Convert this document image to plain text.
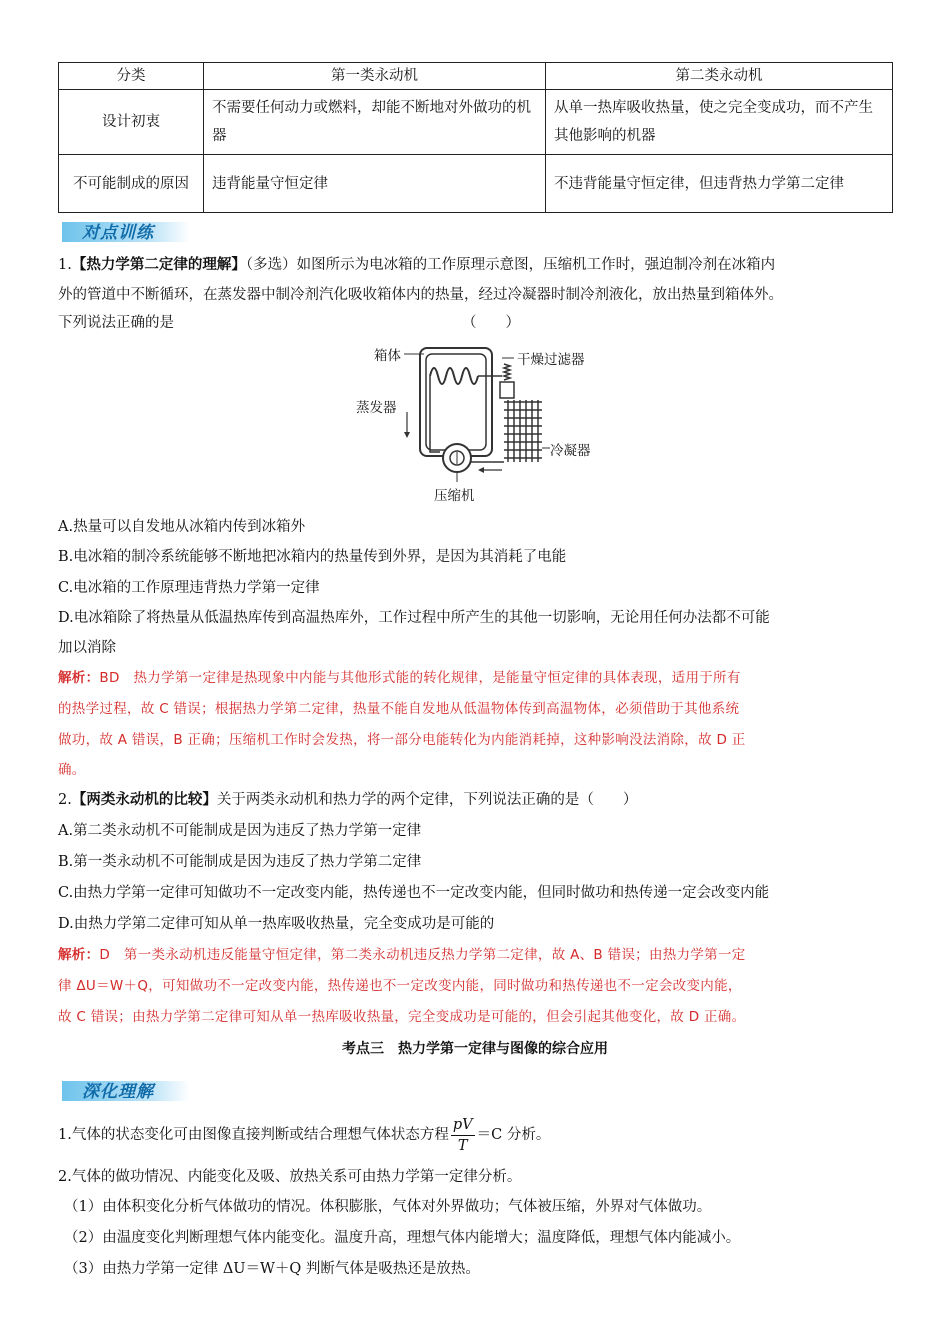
分类	第一类永动机	第二类永动机
设计初衷	不需要任何动力或燃料，却能不断地对外做功的机器	从单一热库吸收热量，使之完全变成功，而不产生其他影响的机器
不可能制成的原因	违背能量守恒定律	不违背能量守恒定律，但违背热力学第二定律
对点训练
1.【热力学第二定律的理解】（多选）如图所示为电冰箱的工作原理示意图，压缩机工作时，强迫制冷剂在冰箱内
外的管道中不断循环，在蒸发器中制冷剂汽化吸收箱体内的热量，经过冷凝器时制冷剂液化，放出热量到箱体外。
下列说法正确的是	（　　）
箱体	干燥过滤器
蒸发器
冷凝器
压缩机
A.热量可以自发地从冰箱内传到冰箱外
B.电冰箱的制冷系统能够不断地把冰箱内的热量传到外界，是因为其消耗了电能
C.电冰箱的工作原理违背热力学第一定律
D.电冰箱除了将热量从低温热库传到高温热库外，工作过程中所产生的其他一切影响，无论用任何办法都不可能
加以消除
解析：BD　热力学第一定律是热现象中内能与其他形式能的转化规律，是能量守恒定律的具体表现，适用于所有
的热学过程，故 C 错误；根据热力学第二定律，热量不能自发地从低温物体传到高温物体，必须借助于其他系统
做功，故 A 错误，B 正确；压缩机工作时会发热，将一部分电能转化为内能消耗掉，这种影响没法消除，故 D 正
确。
2.【两类永动机的比较】关于两类永动机和热力学的两个定律，下列说法正确的是（　　）
A.第二类永动机不可能制成是因为违反了热力学第一定律
B.第一类永动机不可能制成是因为违反了热力学第二定律
C.由热力学第一定律可知做功不一定改变内能，热传递也不一定改变内能，但同时做功和热传递一定会改变内能
D.由热力学第二定律可知从单一热库吸收热量，完全变成功是可能的
解析：D　第一类永动机违反能量守恒定律，第二类永动机违反热力学第二定律，故 A、B 错误；由热力学第一定
律 ΔU＝W＋Q，可知做功不一定改变内能，热传递也不一定改变内能，同时做功和热传递也不一定会改变内能，
故 C 错误；由热力学第二定律可知从单一热库吸收热量，完全变成功是可能的，但会引起其他变化，故 D 正确。
考点三　热力学第一定律与图像的综合应用
深化理解
1.气体的状态变化可由图像直接判断或结合理想气体状态方程 $\frac{pV}{T} =C$ 分析。
2.气体的做功情况、内能变化及吸、放热关系可由热力学第一定律分析。
（1）由体积变化分析气体做功的情况。体积膨胀，气体对外界做功；气体被压缩，外界对气体做功。
（2）由温度变化判断理想气体内能变化。温度升高，理想气体内能增大；温度降低，理想气体内能减小。
（3）由热力学第一定律 ΔU＝W＋Q 判断气体是吸热还是放热。
